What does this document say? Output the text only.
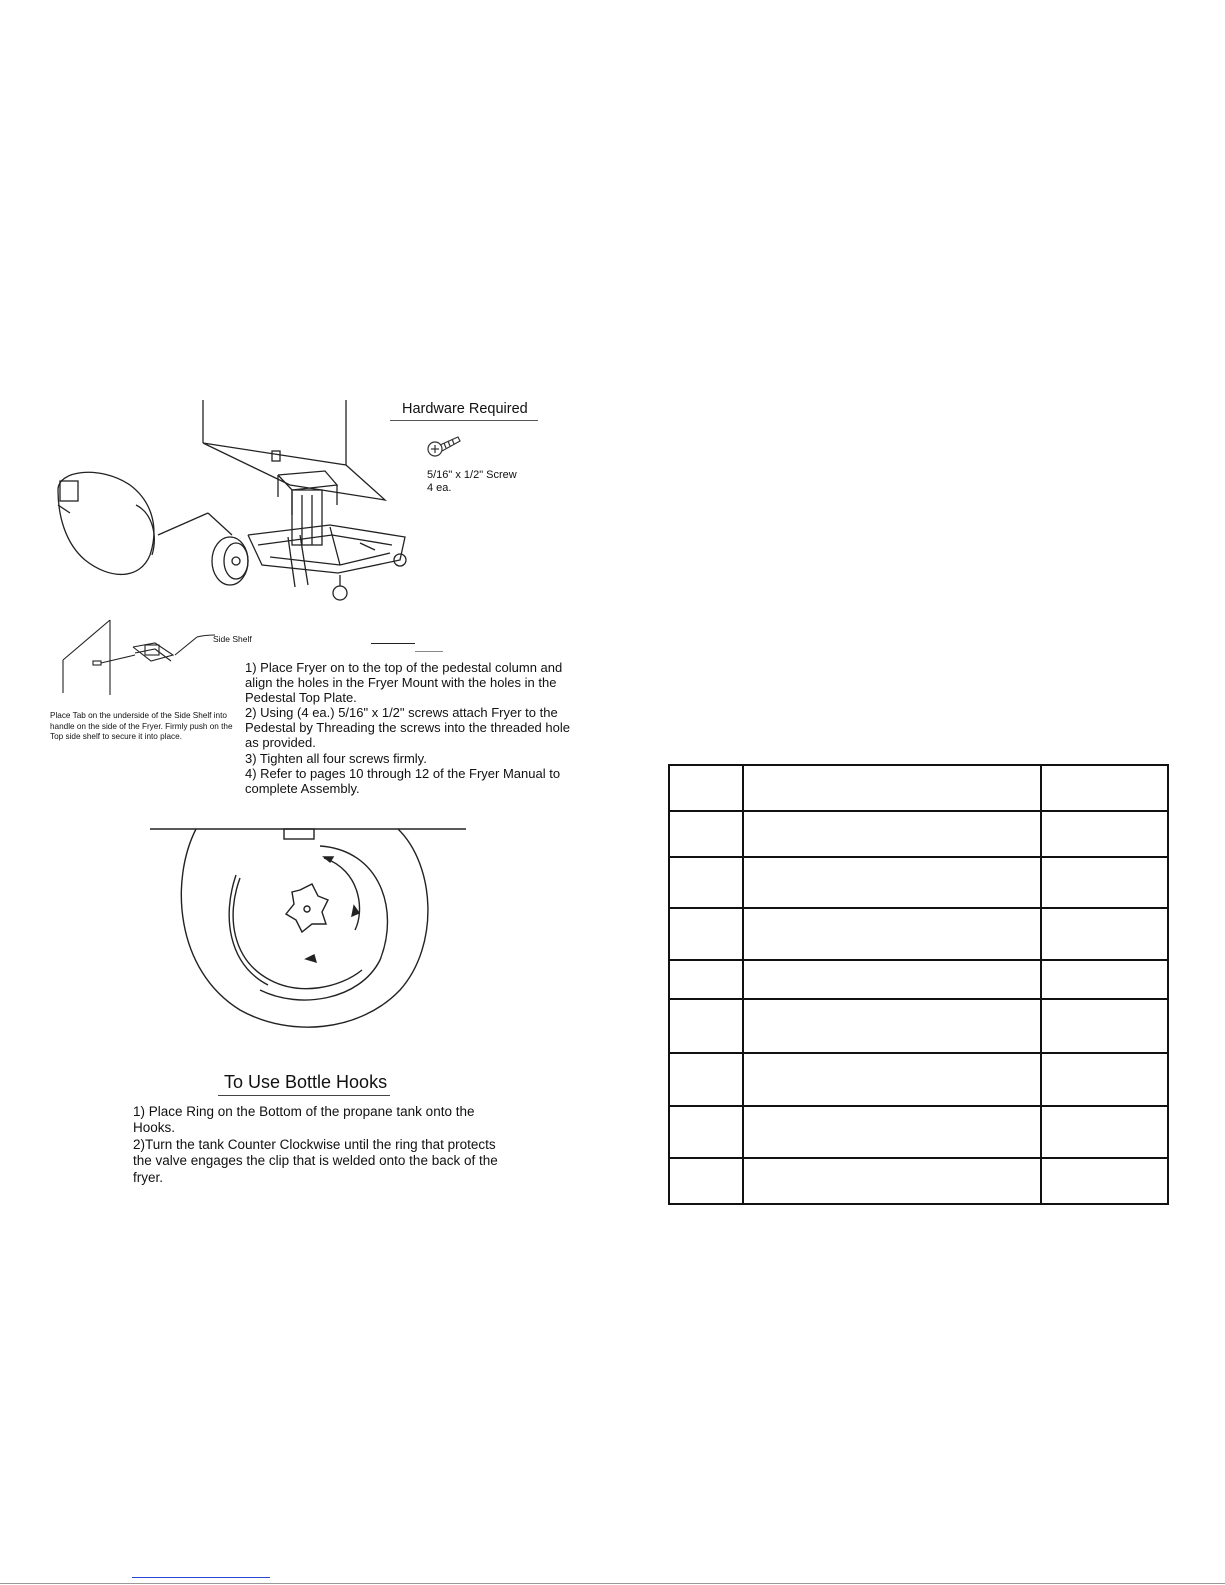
Hardware Required
5/16" x 1/2" Screw
4 ea.
Side Shelf
Place Tab on the underside of the Side Shelf into handle on the side of the Fryer. Firmly push on the Top side shelf to secure it into place.
1) Place Fryer on to the top of the pedestal column and align the holes in the Fryer Mount with the holes in the Pedestal Top Plate.
2) Using (4 ea.) 5/16" x 1/2" screws attach Fryer to the Pedestal by Threading the screws into the threaded hole as provided.
3) Tighten all four screws firmly.
4) Refer to pages 10 through 12 of the Fryer Manual to complete Assembly.
To Use Bottle Hooks
1) Place Ring on the Bottom of the propane tank onto the Hooks.
2)Turn the tank Counter Clockwise until the ring that protects the valve engages the clip that is welded onto the back of the fryer.
